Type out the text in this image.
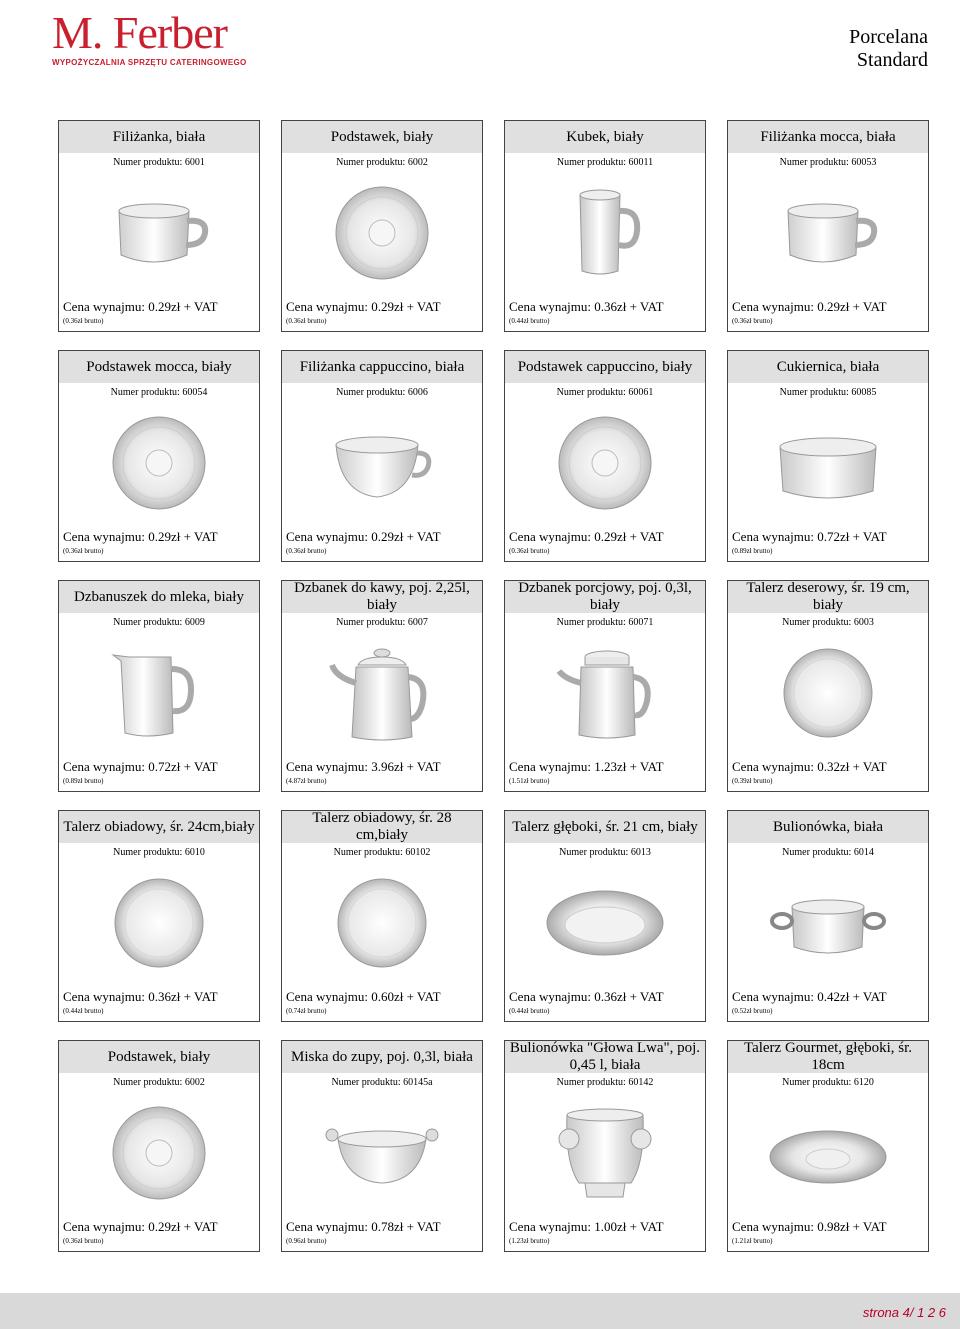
M. Ferber
WYPOŻYCZALNIA SPRZĘTU CATERINGOWEGO
Porcelana
Standard
Filiżanka, biała
Numer produktu: 6001
Cena wynajmu: 0.29zł + VAT
(0.36zł brutto)
Podstawek, biały
Numer produktu: 6002
Cena wynajmu: 0.29zł + VAT
(0.36zł brutto)
Kubek, biały
Numer produktu: 60011
Cena wynajmu: 0.36zł + VAT
(0.44zł brutto)
Filiżanka mocca, biała
Numer produktu: 60053
Cena wynajmu: 0.29zł + VAT
(0.36zł brutto)
Podstawek mocca, biały
Numer produktu: 60054
Cena wynajmu: 0.29zł + VAT
(0.36zł brutto)
Filiżanka cappuccino, biała
Numer produktu: 6006
Cena wynajmu: 0.29zł + VAT
(0.36zł brutto)
Podstawek cappuccino, biały
Numer produktu: 60061
Cena wynajmu: 0.29zł + VAT
(0.36zł brutto)
Cukiernica, biała
Numer produktu: 60085
Cena wynajmu: 0.72zł + VAT
(0.89zł brutto)
Dzbanuszek do mleka, biały
Numer produktu: 6009
Cena wynajmu: 0.72zł + VAT
(0.89zł brutto)
Dzbanek do kawy, poj. 2,25l, biały
Numer produktu: 6007
Cena wynajmu: 3.96zł + VAT
(4.87zł brutto)
Dzbanek porcjowy, poj. 0,3l, biały
Numer produktu: 60071
Cena wynajmu: 1.23zł + VAT
(1.51zł brutto)
Talerz deserowy, śr. 19 cm, biały
Numer produktu: 6003
Cena wynajmu: 0.32zł + VAT
(0.39zł brutto)
Talerz obiadowy, śr. 24cm,biały
Numer produktu: 6010
Cena wynajmu: 0.36zł + VAT
(0.44zł brutto)
Talerz obiadowy, śr. 28 cm,biały
Numer produktu: 60102
Cena wynajmu: 0.60zł + VAT
(0.74zł brutto)
Talerz głęboki, śr. 21 cm, biały
Numer produktu: 6013
Cena wynajmu: 0.36zł + VAT
(0.44zł brutto)
Bulionówka, biała
Numer produktu: 6014
Cena wynajmu: 0.42zł + VAT
(0.52zł brutto)
Podstawek, biały
Numer produktu: 6002
Cena wynajmu: 0.29zł + VAT
(0.36zł brutto)
Miska do zupy, poj. 0,3l, biała
Numer produktu: 60145a
Cena wynajmu: 0.78zł + VAT
(0.96zł brutto)
Bulionówka "Głowa Lwa", poj. 0,45 l, biała
Numer produktu: 60142
Cena wynajmu: 1.00zł + VAT
(1.23zł brutto)
Talerz Gourmet, głęboki, śr. 18cm
Numer produktu: 6120
Cena wynajmu: 0.98zł + VAT
(1.21zł brutto)
strona 4/ 1 2 6
